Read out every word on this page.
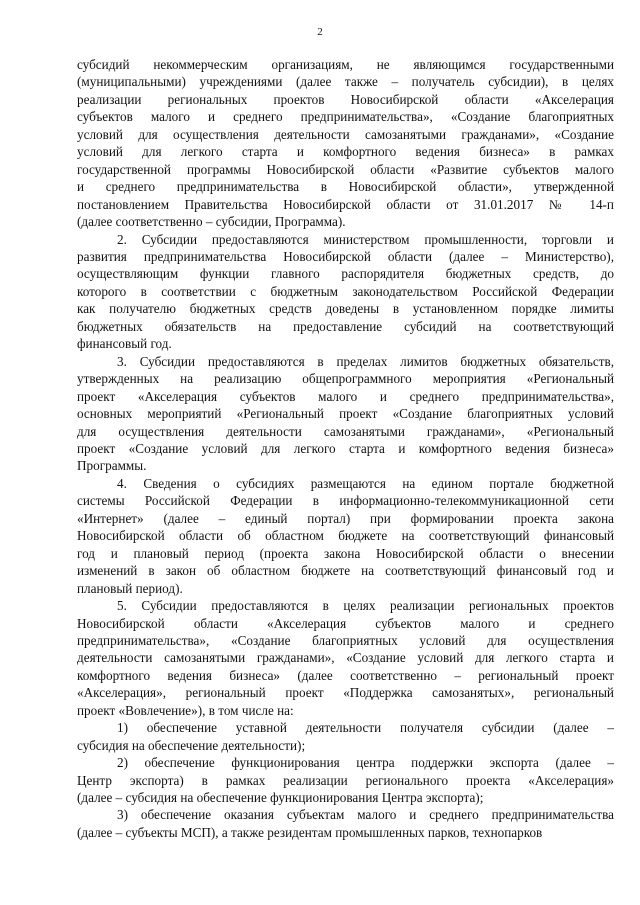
2

субсидий некоммерческим организациям, не являющимся государственными
(муниципальными) учреждениями (далее также – получатель субсидии), в целях
реализации региональных проектов Новосибирской области «Акселерация
субъектов малого и среднего предпринимательства», «Создание благоприятных
условий для осуществления деятельности самозанятыми гражданами», «Создание
условий для легкого старта и комфортного ведения бизнеса» в рамках
государственной программы Новосибирской области «Развитие субъектов малого
и среднего предпринимательства в Новосибирской области», утвержденной
постановлением Правительства Новосибирской области от 31.01.2017 № 14-п
(далее соответственно – субсидии, Программа).

2. Субсидии предоставляются министерством промышленности, торговли и
развития предпринимательства Новосибирской области (далее – Министерство),
осуществляющим функции главного распорядителя бюджетных средств, до
которого в соответствии с бюджетным законодательством Российской Федерации
как получателю бюджетных средств доведены в установленном порядке лимиты
бюджетных обязательств на предоставление субсидий на соответствующий
финансовый год.

3. Субсидии предоставляются в пределах лимитов бюджетных обязательств,
утвержденных на реализацию общепрограммного мероприятия «Региональный
проект «Акселерация субъектов малого и среднего предпринимательства»,
основных мероприятий «Региональный проект «Создание благоприятных условий
для осуществления деятельности самозанятыми гражданами», «Региональный
проект «Создание условий для легкого старта и комфортного ведения бизнеса»
Программы.

4. Сведения о субсидиях размещаются на едином портале бюджетной
системы Российской Федерации в информационно-телекоммуникационной сети
«Интернет» (далее – единый портал) при формировании проекта закона
Новосибирской области об областном бюджете на соответствующий финансовый
год и плановый период (проекта закона Новосибирской области о внесении
изменений в закон об областном бюджете на соответствующий финансовый год и
плановый период).

5. Субсидии предоставляются в целях реализации региональных проектов
Новосибирской области «Акселерация субъектов малого и среднего
предпринимательства», «Создание благоприятных условий для осуществления
деятельности самозанятыми гражданами», «Создание условий для легкого старта и
комфортного ведения бизнеса» (далее соответственно – региональный проект
«Акселерация», региональный проект «Поддержка самозанятых», региональный
проект «Вовлечение»), в том числе на:

1) обеспечение уставной деятельности получателя субсидии (далее –
субсидия на обеспечение деятельности);

2) обеспечение функционирования центра поддержки экспорта (далее –
Центр экспорта) в рамках реализации регионального проекта «Акселерация»
(далее – субсидия на обеспечение функционирования Центра экспорта);

3) обеспечение оказания субъектам малого и среднего предпринимательства
(далее – субъекты МСП), а также резидентам промышленных парков, технопарков
